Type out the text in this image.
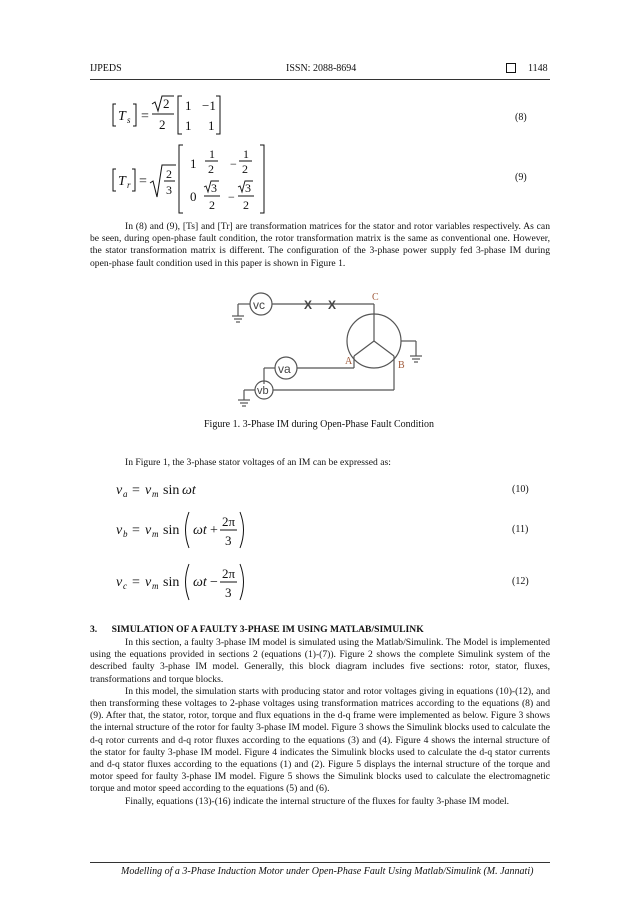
IJPEDS	ISSN: 2088-8694	1148
T s =
2
2
1 −1
1 1
(8)
T r = 2
3
1
1
2 −
1
2
0
3
2
−
3
2
(9)
In (8) and (9), [Ts] and [Tr] are transformation matrices for the stator and rotor variables respectively. As can be seen, during open-phase fault condition, the rotor transformation matrix is the same as conventional one. However, the stator transformation matrix is different. The configuration of the 3-phase power supply fed 3-phase IM during open-phase fault condition used in this paper is shown in Figure 1.
vc
va
vb
X X
C
A	B
Figure 1. 3-Phase IM during Open-Phase Fault Condition
In Figure 1, the 3-phase stator voltages of an IM can be expressed as:
v a = v m sin ωt	(10)
v b = v m sin ωt +
2π
3
(11)
v c = v m sin ωt −
2π
3
(12)
3.      SIMULATION OF A FAULTY 3-PHASE IM USING MATLAB/SIMULINK

In this section, a faulty 3-phase IM model is simulated using the Matlab/Simulink. The Model is implemented using the equations provided in sections 2 (equations (1)-(7)). Figure 2 shows the complete Simulink system of the described faulty 3-phase IM model. Generally, this block diagram includes five sections: rotor, stator, fluxes, transformations and torque blocks.

In this model, the simulation starts with producing stator and rotor voltages giving in equations (10)-(12), and then transforming these voltages to 2-phase voltages using transformation matrices according to the equations (8) and (9). After that, the stator, rotor, torque and flux equations in the d-q frame were implemented as below. Figure 3 shows the internal structure of the rotor for faulty 3-phase IM model. Figure 3 shows the Simulink blocks used to calculate the d-q rotor currents and d-q rotor fluxes according to the equations (3) and (4). Figure 4 shows the internal structure of the stator for faulty 3-phase IM model. Figure 4 indicates the Simulink blocks used to calculate the d-q stator currents and d-q stator fluxes according to the equations (1) and (2). Figure 5 displays the internal structure of the torque and motor speed for faulty 3-phase IM model. Figure 5 shows the Simulink blocks used to calculate the electromagnetic torque and motor speed according to the equations (5) and (6).

Finally, equations (13)-(16) indicate the internal structure of the fluxes for faulty 3-phase IM model.

Modelling of a 3-Phase Induction Motor under Open-Phase Fault Using Matlab/Simulink (M. Jannati)
